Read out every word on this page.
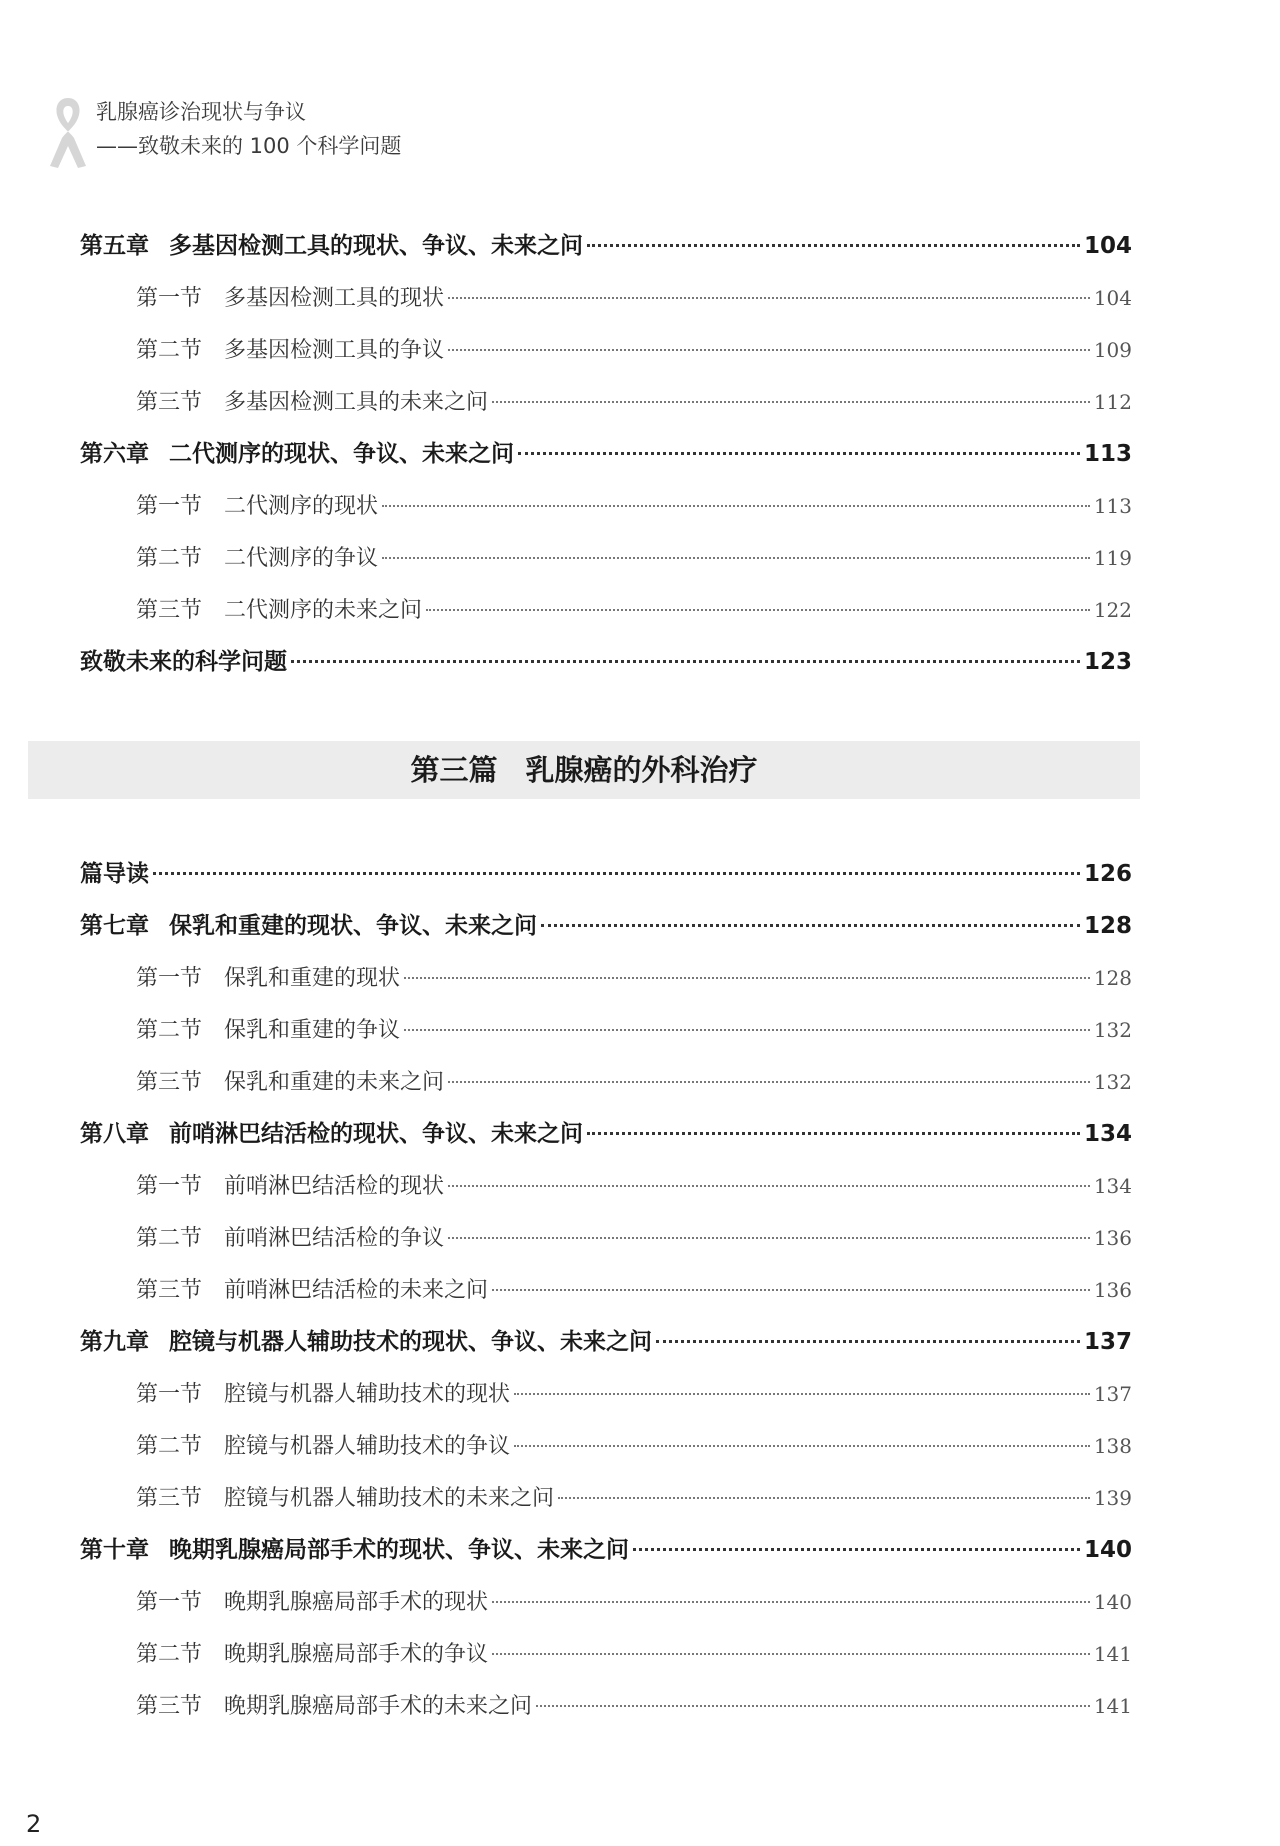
乳腺癌诊治现状与争议
——致敬未来的 100 个科学问题
第五章 多基因检测工具的现状、争议、未来之问	104
第一节 多基因检测工具的现状	104
第二节 多基因检测工具的争议	109
第三节 多基因检测工具的未来之问	112
第六章 二代测序的现状、争议、未来之问	113
第一节 二代测序的现状	113
第二节 二代测序的争议	119
第三节 二代测序的未来之问	122
致敬未来的科学问题	123
第三篇 乳腺癌的外科治疗
篇导读	126
第七章 保乳和重建的现状、争议、未来之问	128
第一节 保乳和重建的现状	128
第二节 保乳和重建的争议	132
第三节 保乳和重建的未来之问	132
第八章 前哨淋巴结活检的现状、争议、未来之问	134
第一节 前哨淋巴结活检的现状	134
第二节 前哨淋巴结活检的争议	136
第三节 前哨淋巴结活检的未来之问	136
第九章 腔镜与机器人辅助技术的现状、争议、未来之问	137
第一节 腔镜与机器人辅助技术的现状	137
第二节 腔镜与机器人辅助技术的争议	138
第三节 腔镜与机器人辅助技术的未来之问	139
第十章 晚期乳腺癌局部手术的现状、争议、未来之问	140
第一节 晚期乳腺癌局部手术的现状	140
第二节 晚期乳腺癌局部手术的争议	141
第三节 晚期乳腺癌局部手术的未来之问	141
2
